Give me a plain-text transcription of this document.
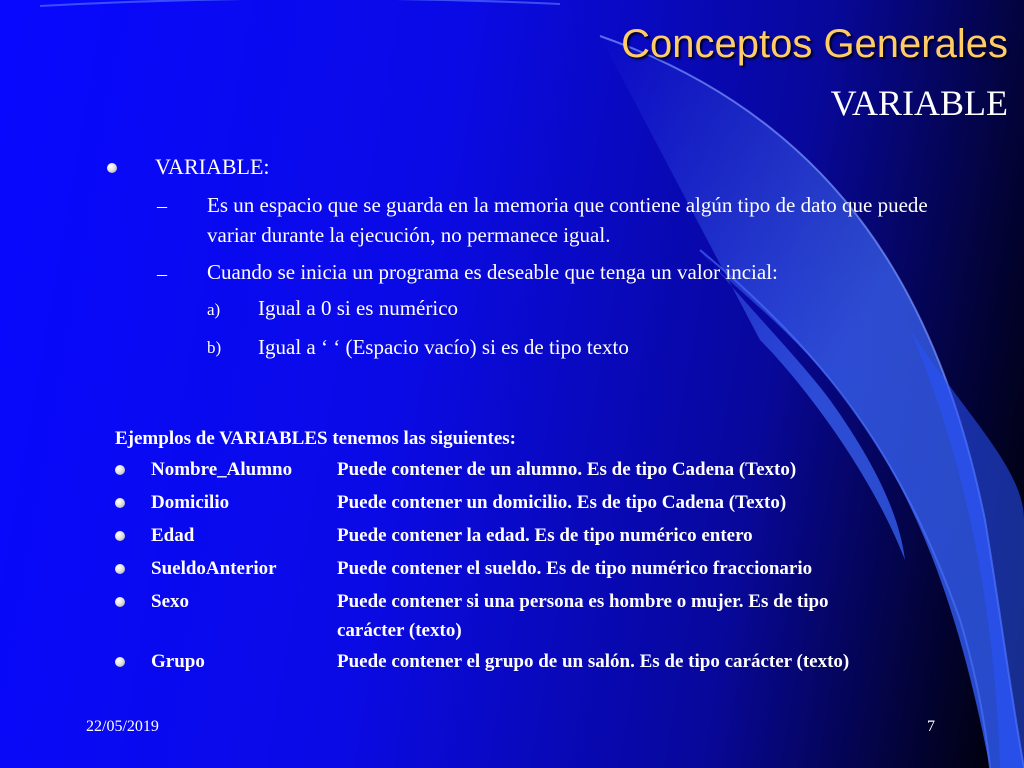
Conceptos Generales
VARIABLE
VARIABLE:
– Es un espacio que se guarda en la memoria que contiene algún tipo de dato que puede variar durante la ejecución, no permanece igual.
– Cuando se inicia un programa es deseable que tenga un valor incial:
a) Igual a 0 si es numérico
b) Igual a ‘ ‘ (Espacio vacío) si es de tipo texto
Ejemplos de VARIABLES tenemos las siguientes:
Nombre_Alumno Puede contener de un alumno. Es de tipo Cadena (Texto)
Domicilio	Puede contener un domicilio. Es de tipo Cadena (Texto)
Edad	Puede contener la edad. Es de tipo numérico entero
SueldoAnterior	Puede contener el sueldo. Es de tipo numérico fraccionario
Sexo	Puede contener si una persona es hombre o mujer. Es de tipo carácter (texto)
Grupo	Puede contener el grupo de un salón. Es de tipo carácter (texto)
22/05/2019	7
